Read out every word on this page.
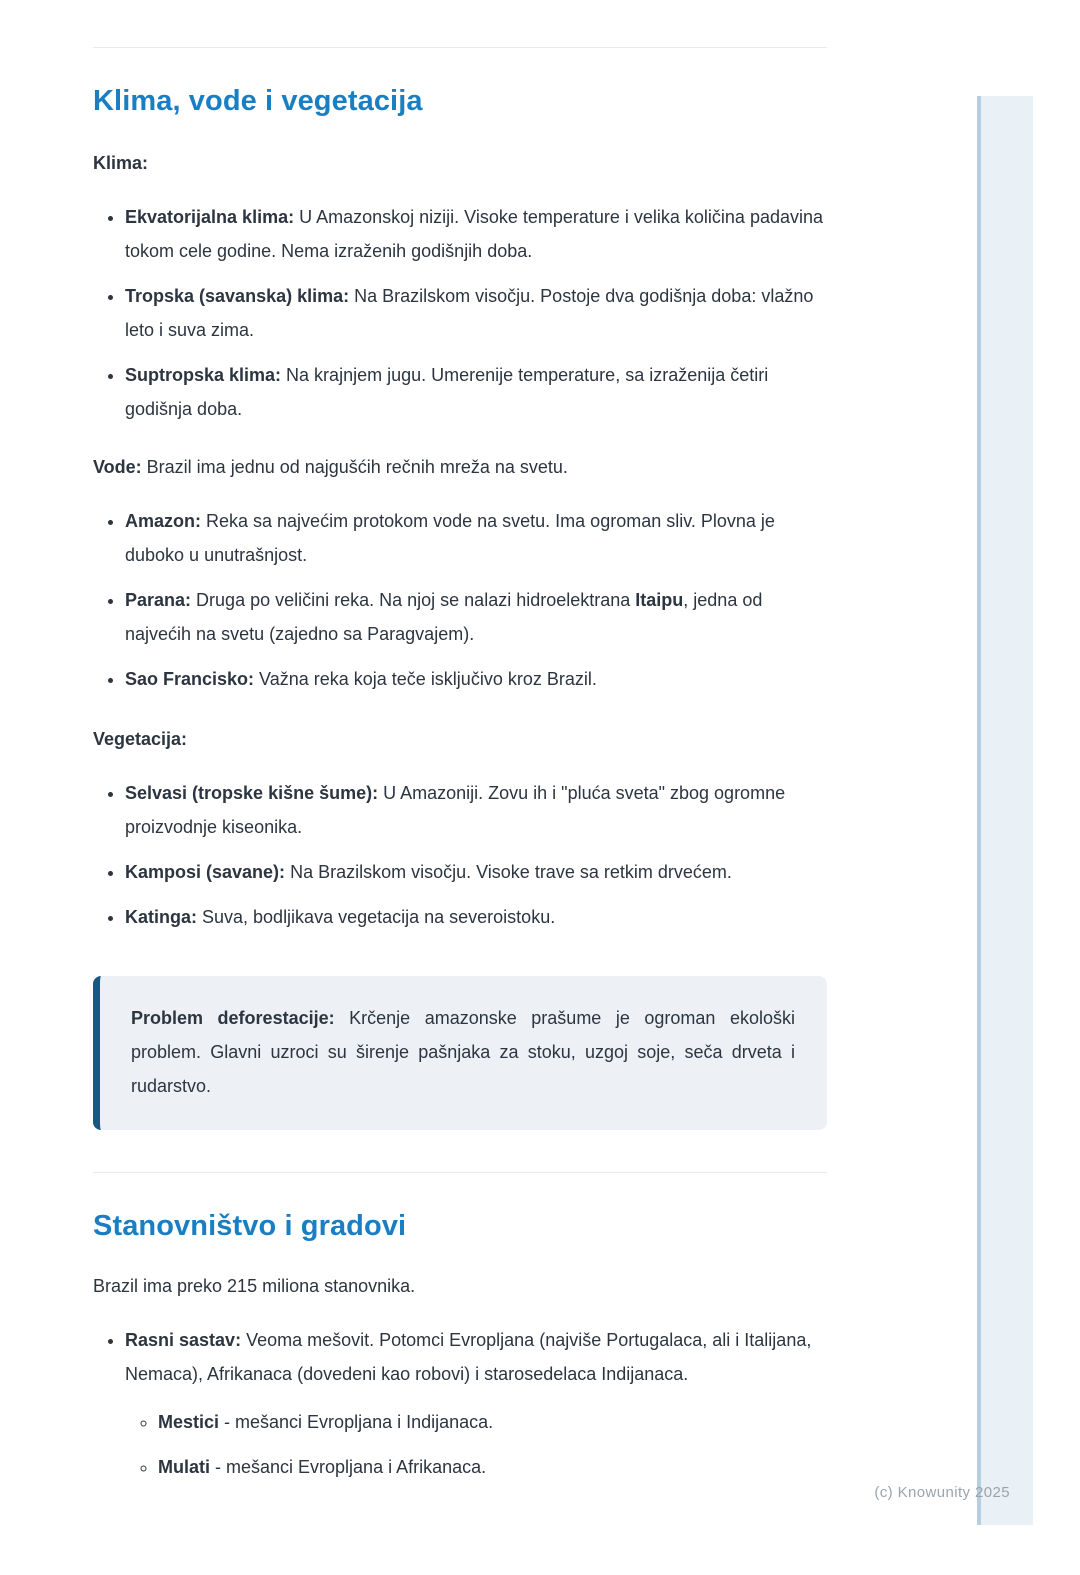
(c) Knowunity 2025
Klima, vode i vegetacija

Klima:

• Ekvatorijalna klima: U Amazonskoj niziji. Visoke temperature i velika količina padavina tokom cele godine. Nema izraženih godišnjih doba.
• Tropska (savanska) klima: Na Brazilskom visočju. Postoje dva godišnja doba: vlažno leto i suva zima.
• Suptropska klima: Na krajnjem jugu. Umerenije temperature, sa izraženija četiri godišnja doba.

Vode: Brazil ima jednu od najgušćih rečnih mreža na svetu.

• Amazon: Reka sa najvećim protokom vode na svetu. Ima ogroman sliv. Plovna je duboko u unutrašnjost.
• Parana: Druga po veličini reka. Na njoj se nalazi hidroelektrana Itaipu, jedna od najvećih na svetu (zajedno sa Paragvajem).
• Sao Francisko: Važna reka koja teče isključivo kroz Brazil.

Vegetacija:

• Selvasi (tropske kišne šume): U Amazoniji. Zovu ih i "pluća sveta" zbog ogromne proizvodnje kiseonika.
• Kamposi (savane): Na Brazilskom visočju. Visoke trave sa retkim drvećem.
• Katinga: Suva, bodljikava vegetacija na severoistoku.

Problem deforestacije: Krčenje amazonske prašume je ogroman ekološki problem. Glavni uzroci su širenje pašnjaka za stoku, uzgoj soje, seča drveta i rudarstvo.

Stanovništvo i gradovi

Brazil ima preko 215 miliona stanovnika.

• Rasni sastav: Veoma mešovit. Potomci Evropljana (najviše Portugalaca, ali i Italijana, Nemaca), Afrikanaca (dovedeni kao robovi) i starosedelaca Indijanaca.
◦ Mestici - mešanci Evropljana i Indijanaca.
◦ Mulati - mešanci Evropljana i Afrikanaca.
